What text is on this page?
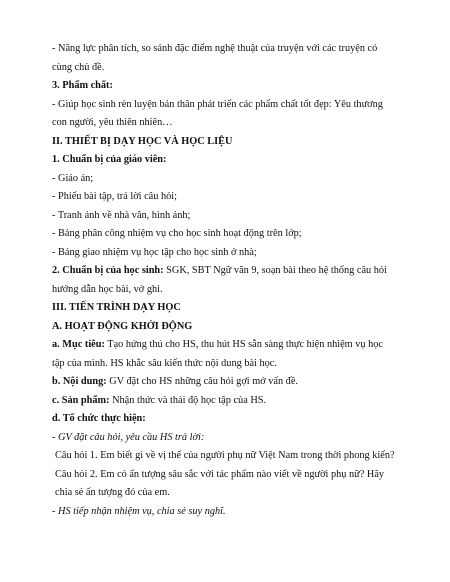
- Năng lực phân tích, so sánh đặc điểm nghệ thuật của truyện với các truyện có
cùng chủ đề.
3. Phẩm chất:
- Giúp học sinh rèn luyện bản thân phát triển các phẩm chất tốt đẹp: Yêu thương
con người, yêu thiên nhiên…
II. THIẾT BỊ DẠY HỌC VÀ HỌC LIỆU
1. Chuẩn bị của giáo viên:
- Giáo án;
- Phiếu bài tập, trả lời câu hỏi;
- Tranh ảnh về nhà văn, hình ảnh;
- Bảng phân công nhiệm vụ cho học sinh hoạt động trên lớp;
- Bảng giao nhiệm vụ học tập cho học sinh ở nhà;
2. Chuẩn bị của học sinh: SGK, SBT Ngữ văn 9, soạn bài theo hệ thống câu hỏi
hướng dẫn học bài, vở ghi.
III. TIẾN TRÌNH DẠY HỌC
A. HOẠT ĐỘNG KHỞI ĐỘNG
a. Mục tiêu: Tạo hứng thú cho HS, thu hút HS sẵn sàng thực hiện nhiệm vụ học
tập của mình. HS khắc sâu kiến thức nội dung bài học.
b. Nội dung: GV đặt cho HS những câu hỏi gợi mở vấn đề.
c. Sản phẩm: Nhận thức và thái độ học tập của HS.
d. Tổ chức thực hiện:
- GV đặt câu hỏi, yêu cầu HS trả lời:
Câu hỏi 1. Em biết gì về vị thế của người phụ nữ Việt Nam trong thời phong kiến?
Câu hỏi 2. Em có ấn tượng sâu sắc với tác phẩm nào viết về người phụ nữ? Hãy
chia sẻ ấn tượng đó của em.
- HS tiếp nhận nhiệm vụ, chia sẻ suy nghĩ.
